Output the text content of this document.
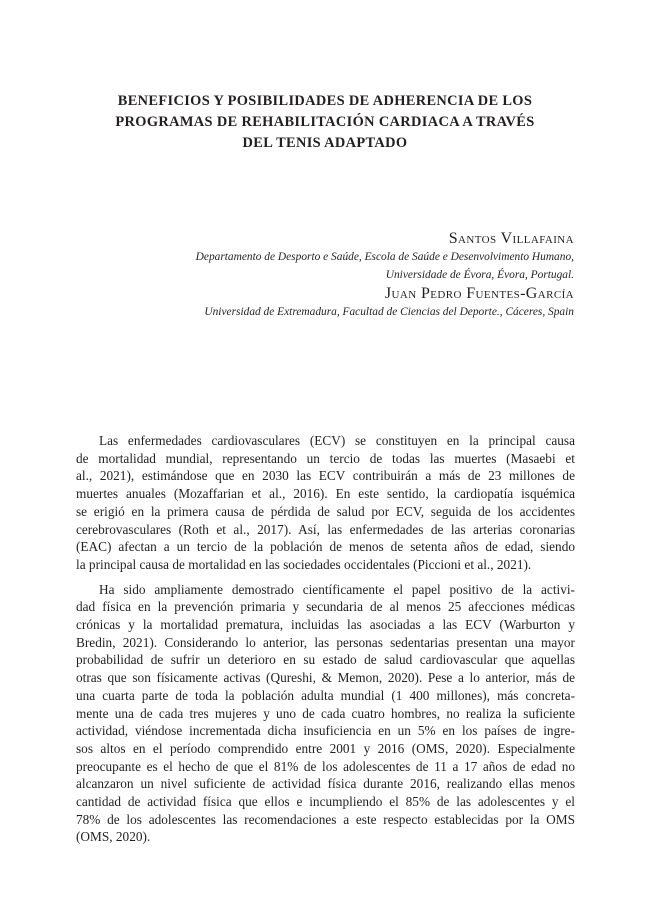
BENEFICIOS Y POSIBILIDADES DE ADHERENCIA DE LOS
PROGRAMAS DE REHABILITACIÓN CARDIACA A TRAVÉS
DEL TENIS ADAPTADO
Santos Villafaina
Departamento de Desporto e Saúde, Escola de Saúde e Desenvolvimento Humano,
Universidade de Évora, Évora, Portugal.
Juan Pedro Fuentes-García
Universidad de Extremadura, Facultad de Ciencias del Deporte., Cáceres, Spain

Las enfermedades cardiovasculares (ECV) se constituyen en la principal causa
de mortalidad mundial, representando un tercio de todas las muertes (Masaebi et
al., 2021), estimándose que en 2030 las ECV contribuirán a más de 23 millones de
muertes anuales (Mozaffarian et al., 2016). En este sentido, la cardiopatía isquémica
se erigió en la primera causa de pérdida de salud por ECV, seguida de los accidentes
cerebrovasculares (Roth et al., 2017). Así, las enfermedades de las arterias coronarias
(EAC) afectan a un tercio de la población de menos de setenta años de edad, siendo
la principal causa de mortalidad en las sociedades occidentales (Piccioni et al., 2021).

Ha sido ampliamente demostrado científicamente el papel positivo de la activi-
dad física en la prevención primaria y secundaria de al menos 25 afecciones médicas
crónicas y la mortalidad prematura, incluidas las asociadas a las ECV (Warburton y
Bredin, 2021). Considerando lo anterior, las personas sedentarias presentan una mayor
probabilidad de sufrir un deterioro en su estado de salud cardiovascular que aquellas
otras que son físicamente activas (Qureshi, & Memon, 2020). Pese a lo anterior, más de
una cuarta parte de toda la población adulta mundial (1 400 millones), más concreta-
mente una de cada tres mujeres y uno de cada cuatro hombres, no realiza la suficiente
actividad, viéndose incrementada dicha insuficiencia en un 5% en los países de ingre-
sos altos en el período comprendido entre 2001 y 2016 (OMS, 2020). Especialmente
preocupante es el hecho de que el 81% de los adolescentes de 11 a 17 años de edad no
alcanzaron un nivel suficiente de actividad física durante 2016, realizando ellas menos
cantidad de actividad física que ellos e incumpliendo el 85% de las adolescentes y el
78% de los adolescentes las recomendaciones a este respecto establecidas por la OMS
(OMS, 2020).
